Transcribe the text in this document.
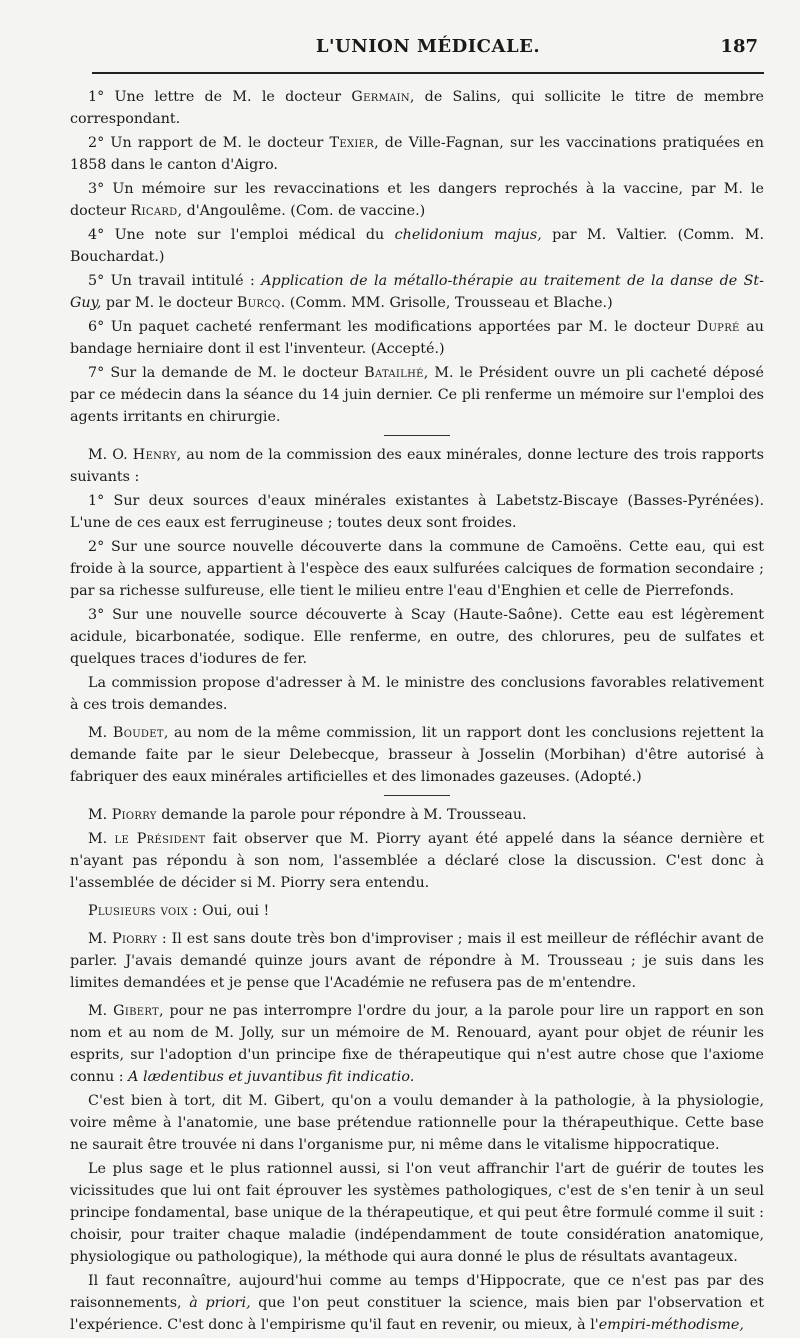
L'UNION MÉDICALE.	187

1° Une lettre de M. le docteur Germain, de Salins, qui sollicite le titre de membre correspondant.

2° Un rapport de M. le docteur Texier, de Ville-Fagnan, sur les vaccinations pratiquées en 1858 dans le canton d'Aigro.

3° Un mémoire sur les revaccinations et les dangers reprochés à la vaccine, par M. le docteur Ricard, d'Angoulême. (Com. de vaccine.)

4° Une note sur l'emploi médical du chelidonium majus, par M. Valtier. (Comm. M. Bouchardat.)

5° Un travail intitulé : Application de la métallo-thérapie au traitement de la danse de St-Guy, par M. le docteur Burcq. (Comm. MM. Grisolle, Trousseau et Blache.)

6° Un paquet cacheté renfermant les modifications apportées par M. le docteur Dupré au bandage herniaire dont il est l'inventeur. (Accepté.)

7° Sur la demande de M. le docteur Batailhé, M. le Président ouvre un pli cacheté déposé par ce médecin dans la séance du 14 juin dernier. Ce pli renferme un mémoire sur l'emploi des agents irritants en chirurgie.

M. O. Henry, au nom de la commission des eaux minérales, donne lecture des trois rapports suivants :

1° Sur deux sources d'eaux minérales existantes à Labetstz-Biscaye (Basses-Pyrénées). L'une de ces eaux est ferrugineuse ; toutes deux sont froides.

2° Sur une source nouvelle découverte dans la commune de Camoëns. Cette eau, qui est froide à la source, appartient à l'espèce des eaux sulfurées calciques de formation secondaire ; par sa richesse sulfureuse, elle tient le milieu entre l'eau d'Enghien et celle de Pierrefonds.

3° Sur une nouvelle source découverte à Scay (Haute-Saône). Cette eau est légèrement acidule, bicarbonatée, sodique. Elle renferme, en outre, des chlorures, peu de sulfates et quelques traces d'iodures de fer.

La commission propose d'adresser à M. le ministre des conclusions favorables relativement à ces trois demandes.

M. Boudet, au nom de la même commission, lit un rapport dont les conclusions rejettent la demande faite par le sieur Delebecque, brasseur à Josselin (Morbihan) d'être autorisé à fabriquer des eaux minérales artificielles et des limonades gazeuses. (Adopté.)

M. Piorry demande la parole pour répondre à M. Trousseau.

M. le Président fait observer que M. Piorry ayant été appelé dans la séance dernière et n'ayant pas répondu à son nom, l'assemblée a déclaré close la discussion. C'est donc à l'assemblée de décider si M. Piorry sera entendu.

Plusieurs voix : Oui, oui !

M. Piorry : Il est sans doute très bon d'improviser ; mais il est meilleur de réfléchir avant de parler. J'avais demandé quinze jours avant de répondre à M. Trousseau ; je suis dans les limites demandées et je pense que l'Académie ne refusera pas de m'entendre.

M. Gibert, pour ne pas interrompre l'ordre du jour, a la parole pour lire un rapport en son nom et au nom de M. Jolly, sur un mémoire de M. Renouard, ayant pour objet de réunir les esprits, sur l'adoption d'un principe fixe de thérapeutique qui n'est autre chose que l'axiome connu : A lædentibus et juvantibus fit indicatio.

C'est bien à tort, dit M. Gibert, qu'on a voulu demander à la pathologie, à la physiologie, voire même à l'anatomie, une base prétendue rationnelle pour la thérapeuthique. Cette base ne saurait être trouvée ni dans l'organisme pur, ni même dans le vitalisme hippocratique.

Le plus sage et le plus rationnel aussi, si l'on veut affranchir l'art de guérir de toutes les vicissitudes que lui ont fait éprouver les systèmes pathologiques, c'est de s'en tenir à un seul principe fondamental, base unique de la thérapeutique, et qui peut être formulé comme il suit : choisir, pour traiter chaque maladie (indépendamment de toute considération anatomique, physiologique ou pathologique), la méthode qui aura donné le plus de résultats avantageux.

Il faut reconnaître, aujourd'hui comme au temps d'Hippocrate, que ce n'est pas par des raisonnements, à priori, que l'on peut constituer la science, mais bien par l'observation et l'expérience. C'est donc à l'empirisme qu'il faut en revenir, ou mieux, à l'empiri-méthodisme,
